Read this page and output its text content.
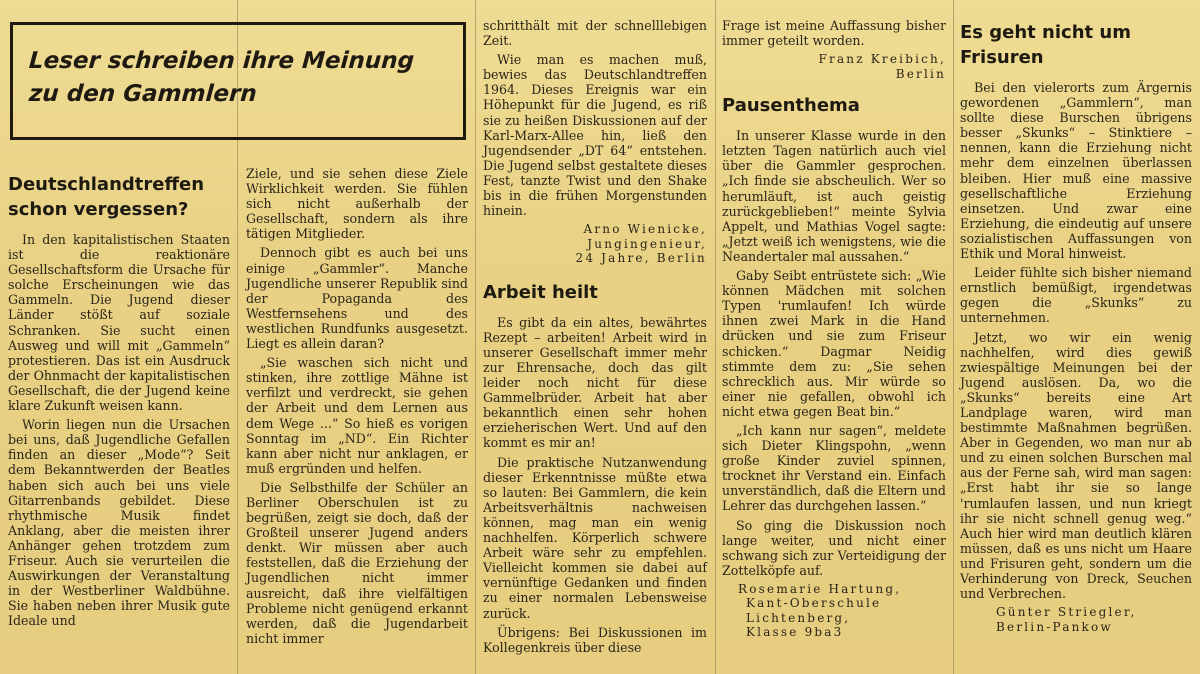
Leser schreiben ihre Meinung
zu den Gammlern
Deutschlandtreffen
schon vergessen?

In den kapitalistischen Staaten ist die reaktionäre Gesellschaftsform die Ursache für solche Erscheinungen wie das Gammeln. Die Jugend dieser Länder stößt auf soziale Schranken. Sie sucht einen Ausweg und will mit „Gammeln“ protestieren. Das ist ein Ausdruck der Ohnmacht der kapitalistischen Gesellschaft, die der Jugend keine klare Zukunft weisen kann.

Worin liegen nun die Ursachen bei uns, daß Jugendliche Gefallen finden an dieser „Mode“? Seit dem Bekanntwerden der Beatles haben sich auch bei uns viele Gitarrenbands gebildet. Diese rhythmische Musik findet Anklang, aber die meisten ihrer Anhänger gehen trotzdem zum Friseur. Auch sie verurteilen die Auswirkungen der Veranstaltung in der Westberliner Waldbühne. Sie haben neben ihrer Musik gute Ideale und

Ziele, und sie sehen diese Ziele Wirklichkeit werden. Sie fühlen sich nicht außerhalb der Gesellschaft, sondern als ihre tätigen Mitglieder.

Dennoch gibt es auch bei uns einige „Gammler“. Manche Jugendliche unserer Republik sind der Popaganda des Westfernsehens und des westlichen Rundfunks ausgesetzt. Liegt es allein daran?

„Sie waschen sich nicht und stinken, ihre zottlige Mähne ist verfilzt und verdreckt, sie gehen der Arbeit und dem Lernen aus dem Wege ...“ So hieß es vorigen Sonntag im „ND“. Ein Richter kann aber nicht nur anklagen, er muß ergründen und helfen.

Die Selbsthilfe der Schüler an Berliner Oberschulen ist zu begrüßen, zeigt sie doch, daß der Großteil unserer Jugend anders denkt. Wir müssen aber auch feststellen, daß die Erziehung der Jugendlichen nicht immer ausreicht, daß ihre vielfältigen Probleme nicht genügend erkannt werden, daß die Jugendarbeit nicht immer

schritthält mit der schnelllebigen Zeit.

Wie man es machen muß, bewies das Deutschlandtreffen 1964. Dieses Ereignis war ein Höhepunkt für die Jugend, es riß sie zu heißen Diskussionen auf der Karl-Marx-Allee hin, ließ den Jugendsender „DT 64“ entstehen. Die Jugend selbst gestaltete dieses Fest, tanzte Twist und den Shake bis in die frühen Morgenstunden hinein.

Arno Wienicke,
Jungingenieur,
24 Jahre, Berlin
Arbeit heilt

Es gibt da ein altes, bewährtes Rezept – arbeiten! Arbeit wird in unserer Gesellschaft immer mehr zur Ehrensache, doch das gilt leider noch nicht für diese Gammelbrüder. Arbeit hat aber bekanntlich einen sehr hohen erzieherischen Wert. Und auf den kommt es mir an!

Die praktische Nutzanwendung dieser Erkenntnisse müßte etwa so lauten: Bei Gammlern, die kein Arbeitsverhältnis nachweisen können, mag man ein wenig nachhelfen. Körperlich schwere Arbeit wäre sehr zu empfehlen. Vielleicht kommen sie dabei auf vernünftige Gedanken und finden zu einer normalen Lebensweise zurück.

Übrigens: Bei Diskussionen im Kollegenkreis über diese

Frage ist meine Auffassung bisher immer geteilt worden.

Franz Kreibich,
Berlin
Pausenthema

In unserer Klasse wurde in den letzten Tagen natürlich auch viel über die Gammler gesprochen. „Ich finde sie abscheulich. Wer so herumläuft, ist auch geistig zurückgeblieben!“ meinte Sylvia Appelt, und Mathias Vogel sagte: „Jetzt weiß ich wenigstens, wie die Neandertaler mal aussahen.“

Gaby Seibt entrüstete sich: „Wie können Mädchen mit solchen Typen 'rumlaufen! Ich würde ihnen zwei Mark in die Hand drücken und sie zum Friseur schicken.“ Dagmar Neidig stimmte dem zu: „Sie sehen schrecklich aus. Mir würde so einer nie gefallen, obwohl ich nicht etwa gegen Beat bin.“

„Ich kann nur sagen“, meldete sich Dieter Klingspohn, „wenn große Kinder zuviel spinnen, trocknet ihr Verstand ein. Einfach unverständlich, daß die Eltern und Lehrer das durchgehen lassen.“

So ging die Diskussion noch lange weiter, und nicht einer schwang sich zur Verteidigung der Zottelköpfe auf.

Rosemarie Hartung,
Kant-Oberschule
Lichtenberg,
Klasse 9ba3
Es geht nicht um
Frisuren

Bei den vielerorts zum Ärgernis gewordenen „Gammlern“, man sollte diese Burschen übrigens besser „Skunks“ – Stinktiere – nennen, kann die Erziehung nicht mehr dem einzelnen überlassen bleiben. Hier muß eine massive gesellschaftliche Erziehung einsetzen. Und zwar eine Erziehung, die eindeutig auf unsere sozialistischen Auffassungen von Ethik und Moral hinweist.

Leider fühlte sich bisher niemand ernstlich bemüßigt, irgendetwas gegen die „Skunks“ zu unternehmen.

Jetzt, wo wir ein wenig nachhelfen, wird dies gewiß zwiespältige Meinungen bei der Jugend auslösen. Da, wo die „Skunks“ bereits eine Art Landplage waren, wird man bestimmte Maßnahmen begrüßen. Aber in Gegenden, wo man nur ab und zu einen solchen Burschen mal aus der Ferne sah, wird man sagen: „Erst habt ihr sie so lange 'rumlaufen lassen, und nun kriegt ihr sie nicht schnell genug weg.“ Auch hier wird man deutlich klären müssen, daß es uns nicht um Haare und Frisuren geht, sondern um die Verhinderung von Dreck, Seuchen und Verbrechen.

Günter Striegler,
Berlin-Pankow
